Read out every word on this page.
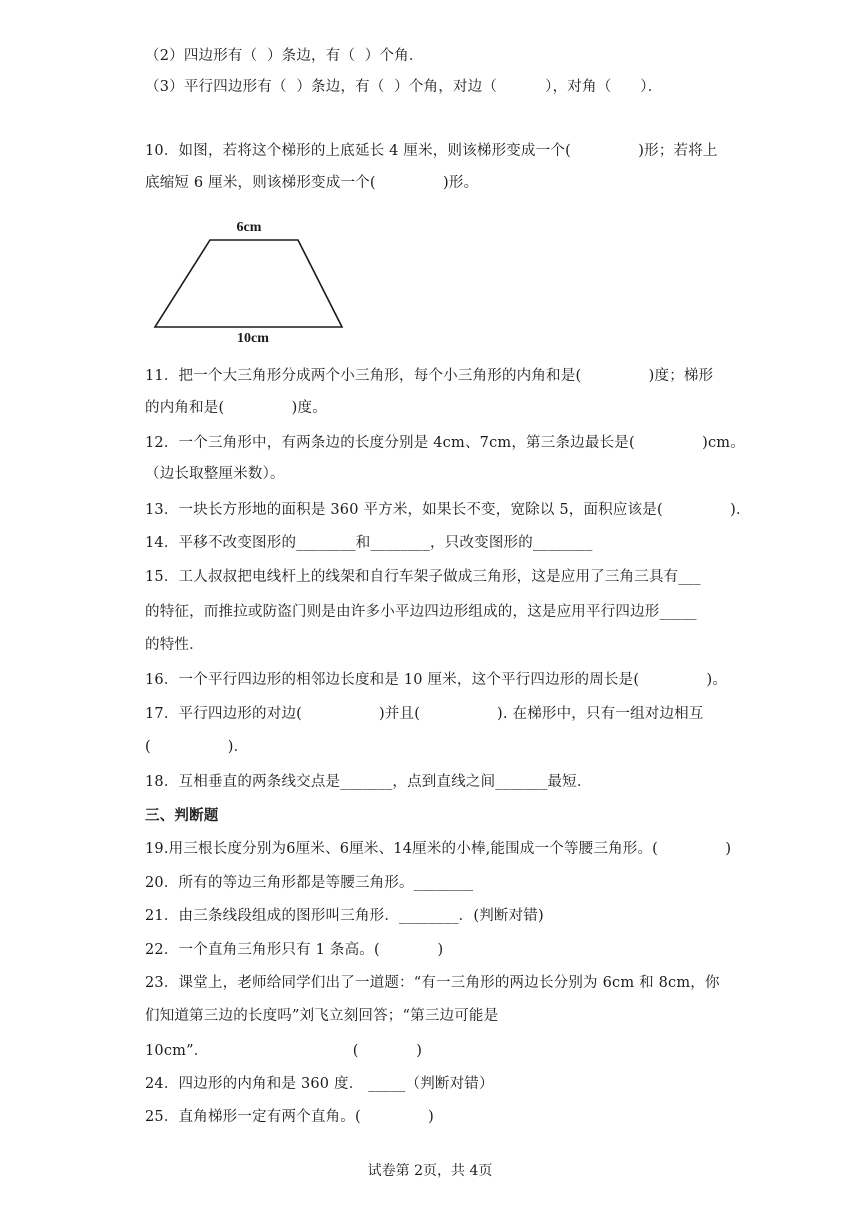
（2）四边形有（  ）条边，有（  ）个角．
（3）平行四边形有（  ）条边，有（  ）个角，对边（          ），对角（      ）．
10．如图，若将这个梯形的上底延长 4 厘米，则该梯形变成一个(              )形；若将上
底缩短 6 厘米，则该梯形变成一个(              )形。
6cm
10cm
11．把一个大三角形分成两个小三角形，每个小三角形的内角和是(              )度；梯形
的内角和是(              )度。
12．一个三角形中，有两条边的长度分别是 4cm、7cm，第三条边最长是(              )cm。
（边长取整厘米数）。
13．一块长方形地的面积是 360 平方米，如果长不变，宽除以 5，面积应该是(              )．
14．平移不改变图形的________和________，只改变图形的________
15．工人叔叔把电线杆上的线架和自行车架子做成三角形，这是应用了三角三具有___
的特征，而推拉或防盗门则是由许多小平边四边形组成的，这是应用平行四边形_____
的特性．
16．一个平行四边形的相邻边长度和是 10 厘米，这个平行四边形的周长是(              )。
17．平行四边形的对边(                )并且(                ). 在梯形中，只有一组对边相互
(                )．
18．互相垂直的两条线交点是_______，点到直线之间_______最短．
三、判断题
19.用三根长度分别为6厘米、6厘米、14厘米的小棒,能围成一个等腰三角形。(              )
20．所有的等边三角形都是等腰三角形。________
21．由三条线段组成的图形叫三角形．________．(判断对错)
22．一个直角三角形只有 1 条高。(            )
23．课堂上，老师给同学们出了一道题：“有一三角形的两边长分别为 6cm 和 8cm，你
们知道第三边的长度吗”刘飞立刻回答；“第三边可能是
10cm”．                              (            )
24．四边形的内角和是 360 度． _____（判断对错）
25．直角梯形一定有两个直角。(              )
试卷第 2页，共 4页
